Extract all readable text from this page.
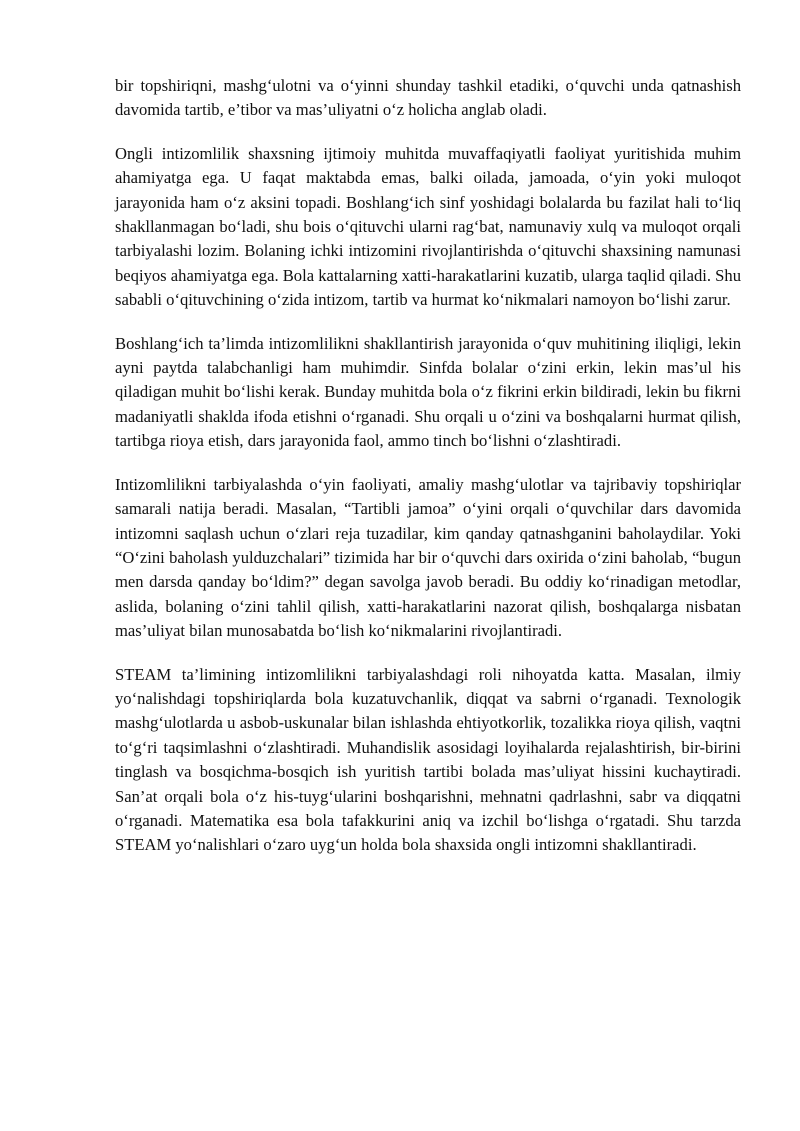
bir topshiriqni, mashg‘ulotni va o‘yinni shunday tashkil etadiki, o‘quvchi unda qatnashish davomida tartib, e’tibor va mas’uliyatni o‘z holicha anglab oladi.

Ongli intizomlilik shaxsning ijtimoiy muhitda muvaffaqiyatli faoliyat yuritishida muhim ahamiyatga ega. U faqat maktabda emas, balki oilada, jamoada, o‘yin yoki muloqot jarayonida ham o‘z aksini topadi. Boshlang‘ich sinf yoshidagi bolalarda bu fazilat hali to‘liq shakllanmagan bo‘ladi, shu bois o‘qituvchi ularni rag‘bat, namunaviy xulq va muloqot orqali tarbiyalashi lozim. Bolaning ichki intizomini rivojlantirishda o‘qituvchi shaxsining namunasi beqiyos ahamiyatga ega. Bola kattalarning xatti-harakatlarini kuzatib, ularga taqlid qiladi. Shu sababli o‘qituvchining o‘zida intizom, tartib va hurmat ko‘nikmalari namoyon bo‘lishi zarur.

Boshlang‘ich ta’limda intizomlilikni shakllantirish jarayonida o‘quv muhitining iliqligi, lekin ayni paytda talabchanligi ham muhimdir. Sinfda bolalar o‘zini erkin, lekin mas’ul his qiladigan muhit bo‘lishi kerak. Bunday muhitda bola o‘z fikrini erkin bildiradi, lekin bu fikrni madaniyatli shaklda ifoda etishni o‘rganadi. Shu orqali u o‘zini va boshqalarni hurmat qilish, tartibga rioya etish, dars jarayonida faol, ammo tinch bo‘lishni o‘zlashtiradi.

Intizomlilikni tarbiyalashda o‘yin faoliyati, amaliy mashg‘ulotlar va tajribaviy topshiriqlar samarali natija beradi. Masalan, “Tartibli jamoa” o‘yini orqali o‘quvchilar dars davomida intizomni saqlash uchun o‘zlari reja tuzadilar, kim qanday qatnashganini baholaydilar. Yoki “O‘zini baholash yulduzchalari” tizimida har bir o‘quvchi dars oxirida o‘zini baholab, “bugun men darsda qanday bo‘ldim?” degan savolga javob beradi. Bu oddiy ko‘rinadigan metodlar, aslida, bolaning o‘zini tahlil qilish, xatti-harakatlarini nazorat qilish, boshqalarga nisbatan mas’uliyat bilan munosabatda bo‘lish ko‘nikmalarini rivojlantiradi.

STEAM ta’limining intizomlilikni tarbiyalashdagi roli nihoyatda katta. Masalan, ilmiy yo‘nalishdagi topshiriqlarda bola kuzatuvchanlik, diqqat va sabrni o‘rganadi. Texnologik mashg‘ulotlarda u asbob-uskunalar bilan ishlashda ehtiyotkorlik, tozalikka rioya qilish, vaqtni to‘g‘ri taqsimlashni o‘zlashtiradi. Muhandislik asosidagi loyihalarda rejalashtirish, bir-birini tinglash va bosqichma-bosqich ish yuritish tartibi bolada mas’uliyat hissini kuchaytiradi. San’at orqali bola o‘z his-tuyg‘ularini boshqarishni, mehnatni qadrlashni, sabr va diqqatni o‘rganadi. Matematika esa bola tafakkurini aniq va izchil bo‘lishga o‘rgatadi. Shu tarzda STEAM yo‘nalishlari o‘zaro uyg‘un holda bola shaxsida ongli intizomni shakllantiradi.
